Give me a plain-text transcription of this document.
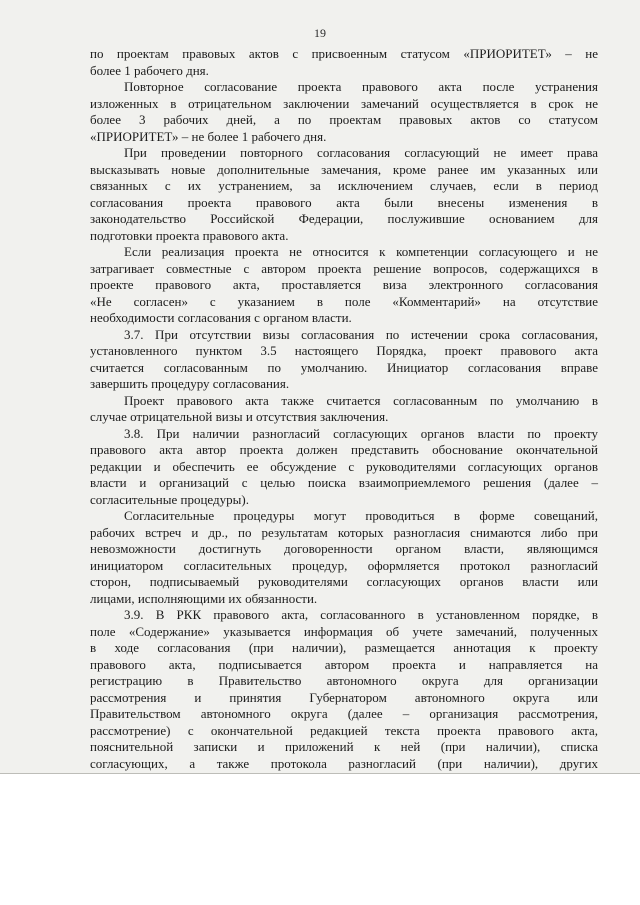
19
по проектам правовых актов с присвоенным статусом «ПРИОРИТЕТ» – не
более 1 рабочего дня.
Повторное согласование проекта правового акта после устранения
изложенных в отрицательном заключении замечаний осуществляется в срок не
более 3 рабочих дней, а по проектам правовых актов со статусом
«ПРИОРИТЕТ» – не более 1 рабочего дня.
При проведении повторного согласования согласующий не имеет права
высказывать новые дополнительные замечания, кроме ранее им указанных или
связанных с их устранением, за исключением случаев, если в период
согласования проекта правового акта были внесены изменения в
законодательство Российской Федерации, послужившие основанием для
подготовки проекта правового акта.
Если реализация проекта не относится к компетенции согласующего и не
затрагивает совместные с автором проекта решение вопросов, содержащихся в
проекте правового акта, проставляется виза электронного согласования
«Не согласен» с указанием в поле «Комментарий» на отсутствие
необходимости согласования с органом власти.
3.7. При отсутствии визы согласования по истечении срока согласования,
установленного пунктом 3.5 настоящего Порядка, проект правового акта
считается согласованным по умолчанию. Инициатор согласования вправе
завершить процедуру согласования.
Проект правового акта также считается согласованным по умолчанию в
случае отрицательной визы и отсутствия заключения.
3.8. При наличии разногласий согласующих органов власти по проекту
правового акта автор проекта должен представить обоснование окончательной
редакции и обеспечить ее обсуждение с руководителями согласующих органов
власти и организаций с целью поиска взаимоприемлемого решения (далее –
согласительные процедуры).
Согласительные процедуры могут проводиться в форме совещаний,
рабочих встреч и др., по результатам которых разногласия снимаются либо при
невозможности достигнуть договоренности органом власти, являющимся
инициатором согласительных процедур, оформляется протокол разногласий
сторон, подписываемый руководителями согласующих органов власти или
лицами, исполняющими их обязанности.
3.9. В РКК правового акта, согласованного в установленном порядке, в
поле «Содержание» указывается информация об учете замечаний, полученных
в ходе согласования (при наличии), размещается аннотация к проекту
правового акта, подписывается автором проекта и направляется на
регистрацию в Правительство автономного округа для организации
рассмотрения и принятия Губернатором автономного округа или
Правительством автономного округа (далее – организация рассмотрения,
рассмотрение) с окончательной редакцией текста проекта правового акта,
пояснительной записки и приложений к ней (при наличии), списка
согласующих, а также протокола разногласий (при наличии), других
